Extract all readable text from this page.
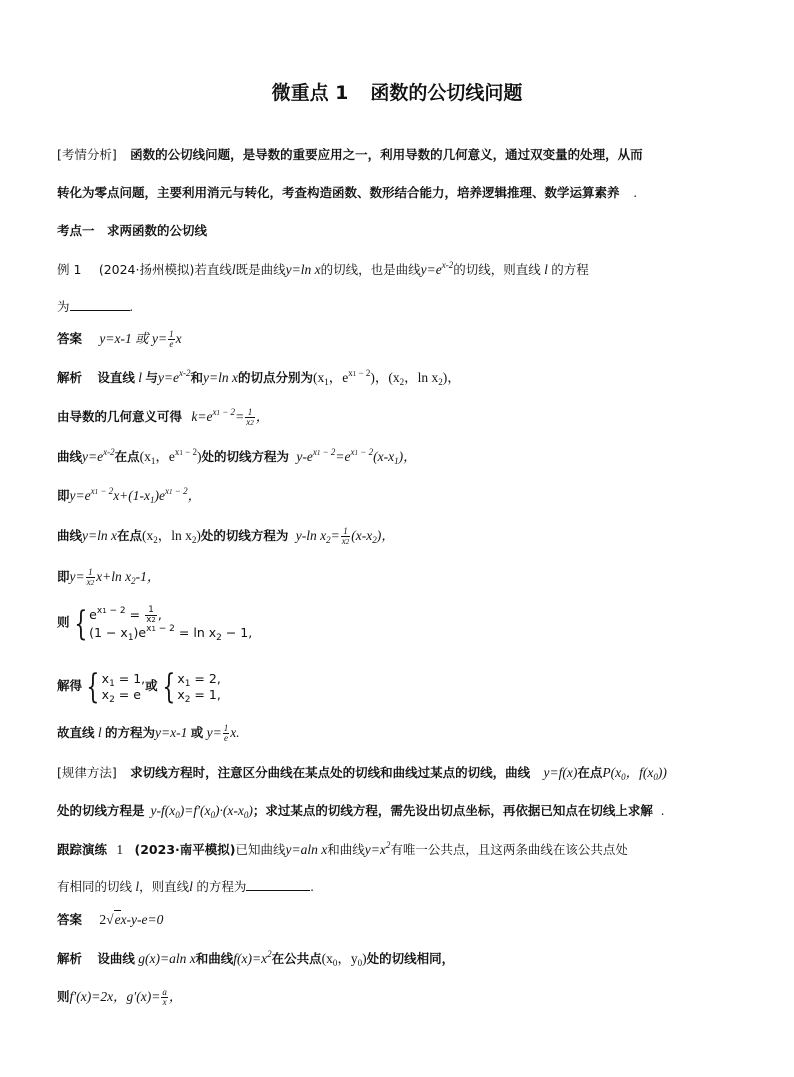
微重点 1 函数的公切线问题
[考情分析] 函数的公切线问题，是导数的重要应用之一，利用导数的几何意义，通过双变量的处理，从而
转化为零点问题，主要利用消元与转化，考查构造函数、数形结合能力，培养逻辑推理、数学运算素养 .
考点一　求两函数的公切线
例 1 (2024·扬州模拟)若直线l既是曲线y=ln x的切线，也是曲线$y=e^{x-2}$的切线，则直线 l 的方程
为	.
答案 y=x-1 或 $y= \frac{1}{e}$ x
解析 设直线 l 与$y=e^{x-2}$和y=ln x的切点分别为($x_1$，$e^{x1 - 2}$)，($x_2$，$\ln x_2$)，
由导数的几何意义可得 $k=e^{x1 - 2}= \frac{1}{x2}$ ，
曲线$y=e^{x-2}$在点($x_1$，$e^{x1 - 2}$)处的切线方程为 $y-e^{x1 - 2}=e^{x1 - 2}(x-x_1)$，
即$y=e^{x1 - 2}x+(1-x_1)e^{x1 - 2}$，
曲线y=ln x在点($x_2$，$\ln x_2$)处的切线方程为 y-ln $x_2= \frac{1}{x2} (x-x_2)$，
即$y= \frac{1}{x2} x+\ln$ $x_2-1$，
则 { $e^{x1 - 2} = \frac{1}{x2}$ ,
$(1 - x_1)e^{x1 - 2} = \ln x_2 - 1$,
解得 { $x_1 = 1$,
$x_2 = e$
或 { $x_1 = 2$,
$x_2 = 1$,
故直线 l 的方程为y=x-1 或 $y= \frac{1}{e} x$.
[规律方法] 求切线方程时，注意区分曲线在某点处的切线和曲线过某点的切线，曲线 y=f(x)在点$P(x_0$，$f(x_0)$)
处的切线方程是 $y-f(x_0)=f'(x_0)\cdot(x-x_0)$；求过某点的切线方程，需先设出切点坐标，再依据已知点在切线上求解 .
跟踪演练 1 (2023·南平模拟)已知曲线y=aln x和曲线$y=x^2$有唯一公共点，且这两条曲线在该公共点处
有相同的切线 l，则直线l 的方程为	.
答案 2√ex-y-e=0
解析 设曲线 g(x)=aln x和曲线$f(x)=x^2$在公共点($x_0$，$y_0$)处的切线相同，
则f′(x)=2x，$g'(x)= \frac{a}{x}$ ，
